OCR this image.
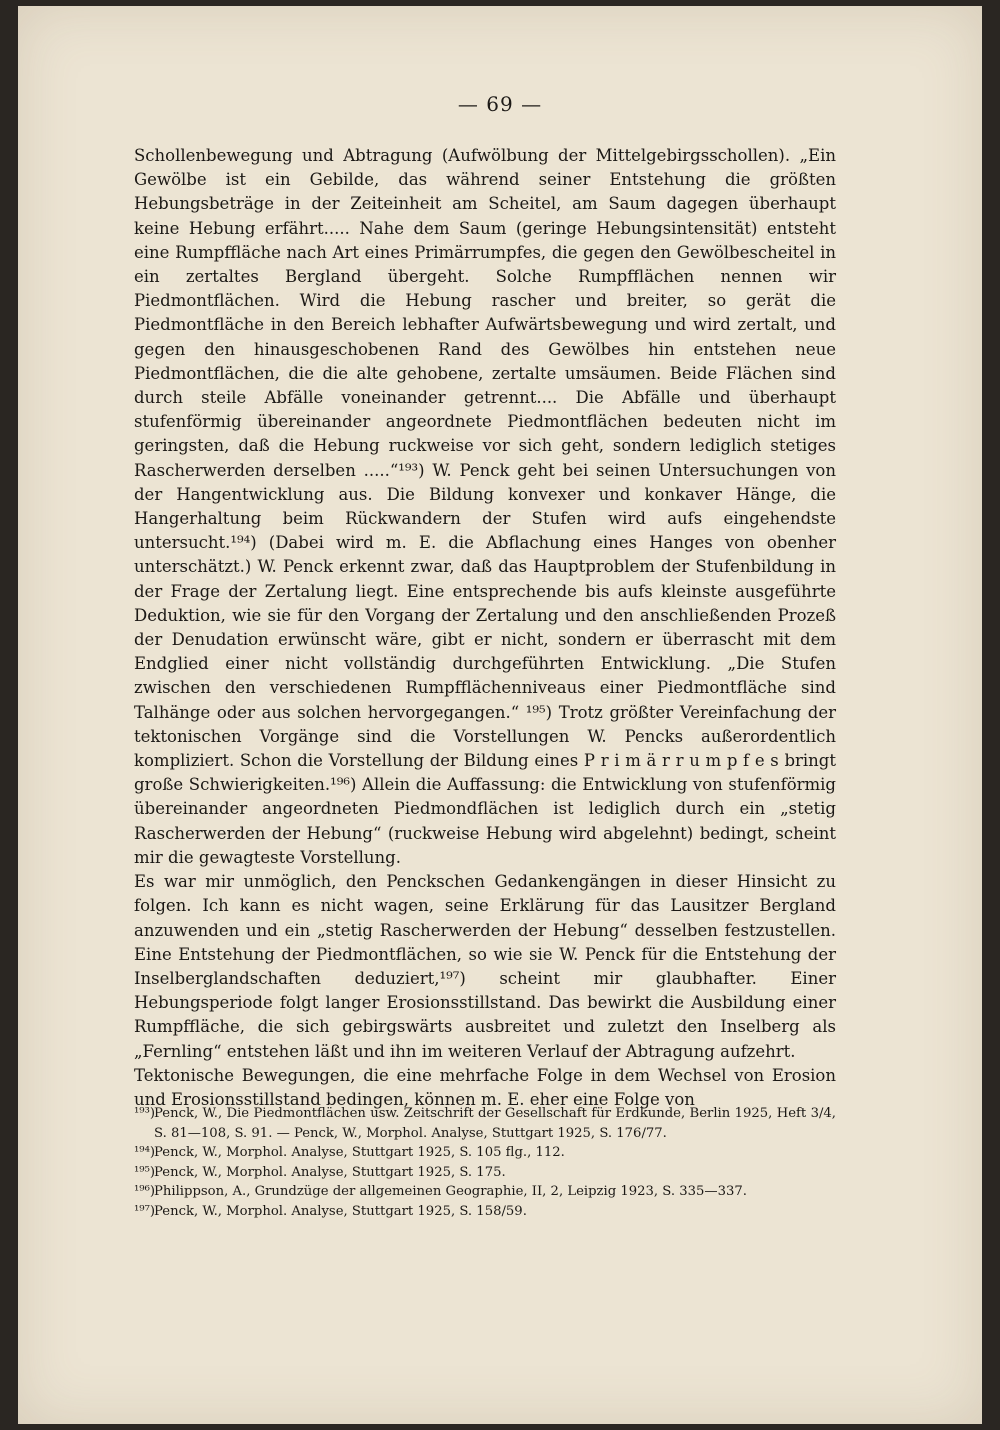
— 69 —

Schollenbewegung und Abtragung (Aufwölbung der Mittelgebirgsschollen). „Ein Gewölbe ist ein Gebilde, das während seiner Entstehung die größten Hebungsbeträge in der Zeiteinheit am Scheitel, am Saum dagegen überhaupt keine Hebung erfährt..... Nahe dem Saum (geringe Hebungsintensität) entsteht eine Rumpffläche nach Art eines Primärrumpfes, die gegen den Gewölbescheitel in ein zertaltes Bergland übergeht. Solche Rumpfflächen nennen wir Piedmontflächen. Wird die Hebung rascher und breiter, so gerät die Piedmontfläche in den Bereich lebhafter Aufwärtsbewegung und wird zertalt, und gegen den hinausgeschobenen Rand des Gewölbes hin entstehen neue Piedmontflächen, die die alte gehobene, zertalte umsäumen. Beide Flächen sind durch steile Abfälle voneinander getrennt.... Die Abfälle und überhaupt stufenförmig übereinander angeordnete Piedmontflächen bedeuten nicht im geringsten, daß die Hebung ruckweise vor sich geht, sondern lediglich stetiges Rascherwerden derselben .....“¹⁹³) W. Penck geht bei seinen Untersuchungen von der Hangentwicklung aus. Die Bildung konvexer und konkaver Hänge, die Hangerhaltung beim Rückwandern der Stufen wird aufs eingehendste untersucht.¹⁹⁴) (Dabei wird m. E. die Abflachung eines Hanges von obenher unterschätzt.) W. Penck erkennt zwar, daß das Hauptproblem der Stufenbildung in der Frage der Zertalung liegt. Eine entsprechende bis aufs kleinste ausgeführte Deduktion, wie sie für den Vorgang der Zertalung und den anschließenden Prozeß der Denudation erwünscht wäre, gibt er nicht, sondern er überrascht mit dem Endglied einer nicht vollständig durchgeführten Entwicklung. „Die Stufen zwischen den verschiedenen Rumpfflächenniveaus einer Piedmontfläche sind Talhänge oder aus solchen hervorgegangen.“ ¹⁹⁵) Trotz größter Vereinfachung der tektonischen Vorgänge sind die Vorstellungen W. Pencks außerordentlich kompliziert. Schon die Vorstellung der Bildung eines P r i m ä r r u m p f e s bringt große Schwierigkeiten.¹⁹⁶) Allein die Auffassung: die Entwicklung von stufenförmig übereinander angeordneten Piedmondflächen ist lediglich durch ein „stetig Rascherwerden der Hebung“ (ruckweise Hebung wird abgelehnt) bedingt, scheint mir die gewagteste Vorstellung.

Es war mir unmöglich, den Penckschen Gedankengängen in dieser Hinsicht zu folgen. Ich kann es nicht wagen, seine Erklärung für das Lausitzer Bergland anzuwenden und ein „stetig Rascherwerden der Hebung“ desselben festzustellen. Eine Entstehung der Piedmontflächen, so wie sie W. Penck für die Entstehung der Inselberglandschaften deduziert,¹⁹⁷) scheint mir glaubhafter. Einer Hebungsperiode folgt langer Erosionsstillstand. Das bewirkt die Ausbildung einer Rumpffläche, die sich gebirgswärts ausbreitet und zuletzt den Inselberg als „Fernling“ entstehen läßt und ihn im weiteren Verlauf der Abtragung aufzehrt.

Tektonische Bewegungen, die eine mehrfache Folge in dem Wechsel von Erosion und Erosionsstillstand bedingen, können m. E. eher eine Folge von

¹⁹³)Penck, W., Die Piedmontflächen usw. Zeitschrift der Gesellschaft für Erdkunde, Berlin 1925, Heft 3/4, S. 81—108, S. 91. — Penck, W., Morphol. Analyse, Stuttgart 1925, S. 176/77.

¹⁹⁴)Penck, W., Morphol. Analyse, Stuttgart 1925, S. 105 flg., 112.

¹⁹⁵)Penck, W., Morphol. Analyse, Stuttgart 1925, S. 175.

¹⁹⁶)Philippson, A., Grundzüge der allgemeinen Geographie, II, 2, Leipzig 1923, S. 335—337.

¹⁹⁷)Penck, W., Morphol. Analyse, Stuttgart 1925, S. 158/59.
